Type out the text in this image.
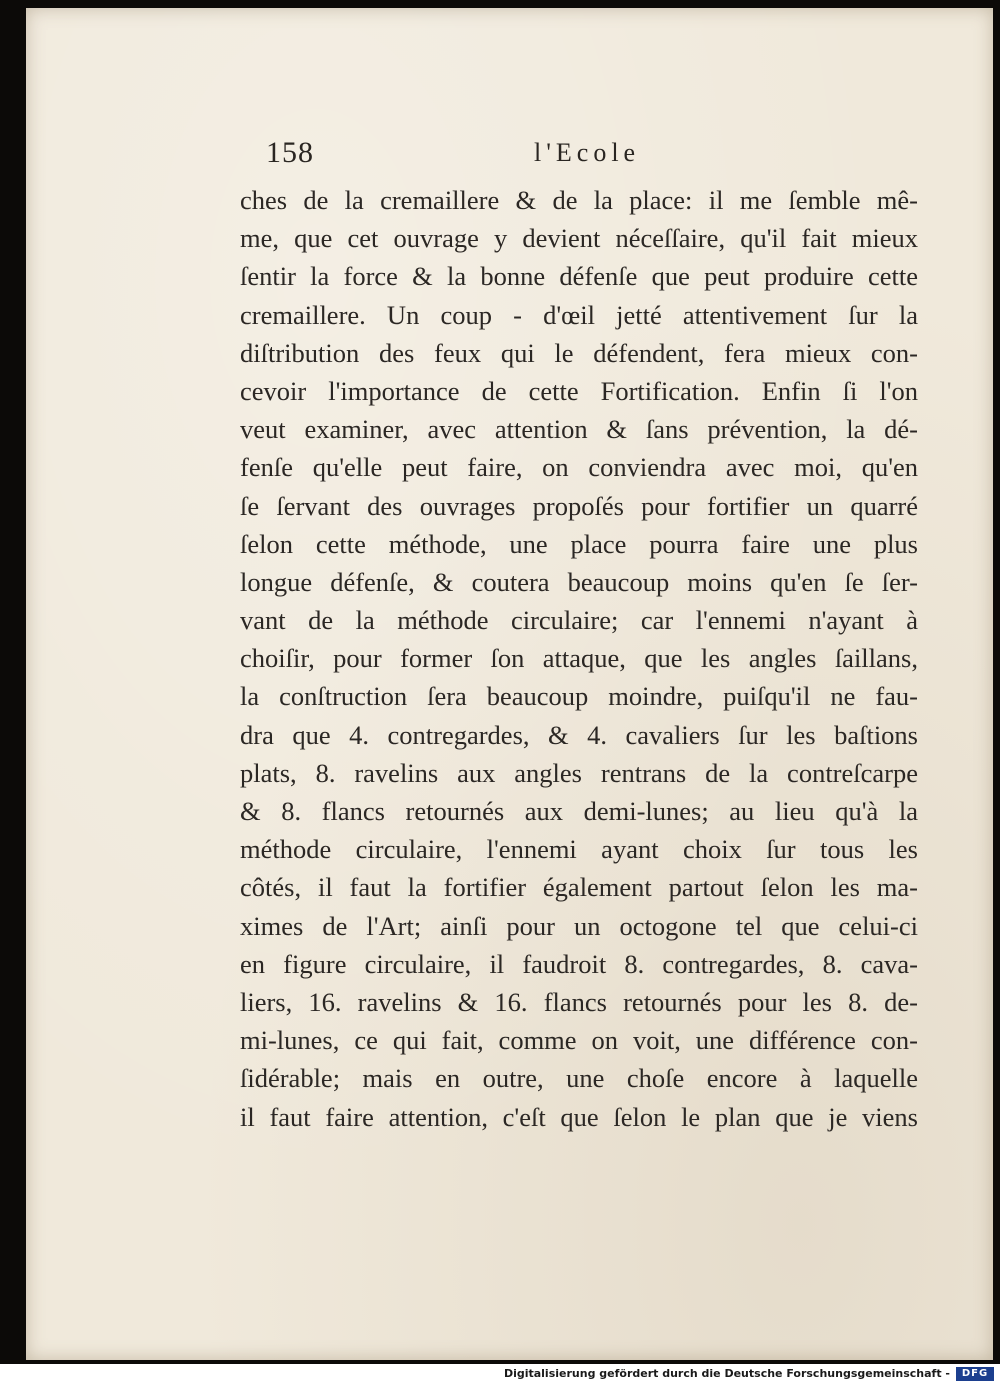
158	l'Ecole
ches de la cremaillere & de la place: il me ſemble mê-
me, que cet ouvrage y devient néceſſaire, qu'il fait mieux
ſentir la force & la bonne défenſe que peut produire cette
cremaillere. Un coup - d'œil jetté attentivement ſur la
diſtribution des feux qui le défendent, fera mieux con-
cevoir l'importance de cette Fortification. Enfin ſi l'on
veut examiner, avec attention & ſans prévention, la dé-
fenſe qu'elle peut faire, on conviendra avec moi, qu'en
ſe ſervant des ouvrages propoſés pour fortifier un quarré
ſelon cette méthode, une place pourra faire une plus
longue défenſe, & coutera beaucoup moins qu'en ſe ſer-
vant de la méthode circulaire; car l'ennemi n'ayant à
choiſir, pour former ſon attaque, que les angles ſaillans,
la conſtruction ſera beaucoup moindre, puiſqu'il ne fau-
dra que 4. contregardes, & 4. cavaliers ſur les baſtions
plats, 8. ravelins aux angles rentrans de la contreſcarpe
& 8. flancs retournés aux demi-lunes; au lieu qu'à la
méthode circulaire, l'ennemi ayant choix ſur tous les
côtés, il faut la fortifier également partout ſelon les ma-
ximes de l'Art; ainſi pour un octogone tel que celui-ci
en figure circulaire, il faudroit 8. contregardes, 8. cava-
liers, 16. ravelins & 16. flancs retournés pour les 8. de-
mi-lunes, ce qui fait, comme on voit, une différence con-
ſidérable; mais en outre, une choſe encore à laquelle
il faut faire attention, c'eſt que ſelon le plan que je viens
Digitalisierung gefördert durch die Deutsche Forschungsgemeinschaft -	DFG
